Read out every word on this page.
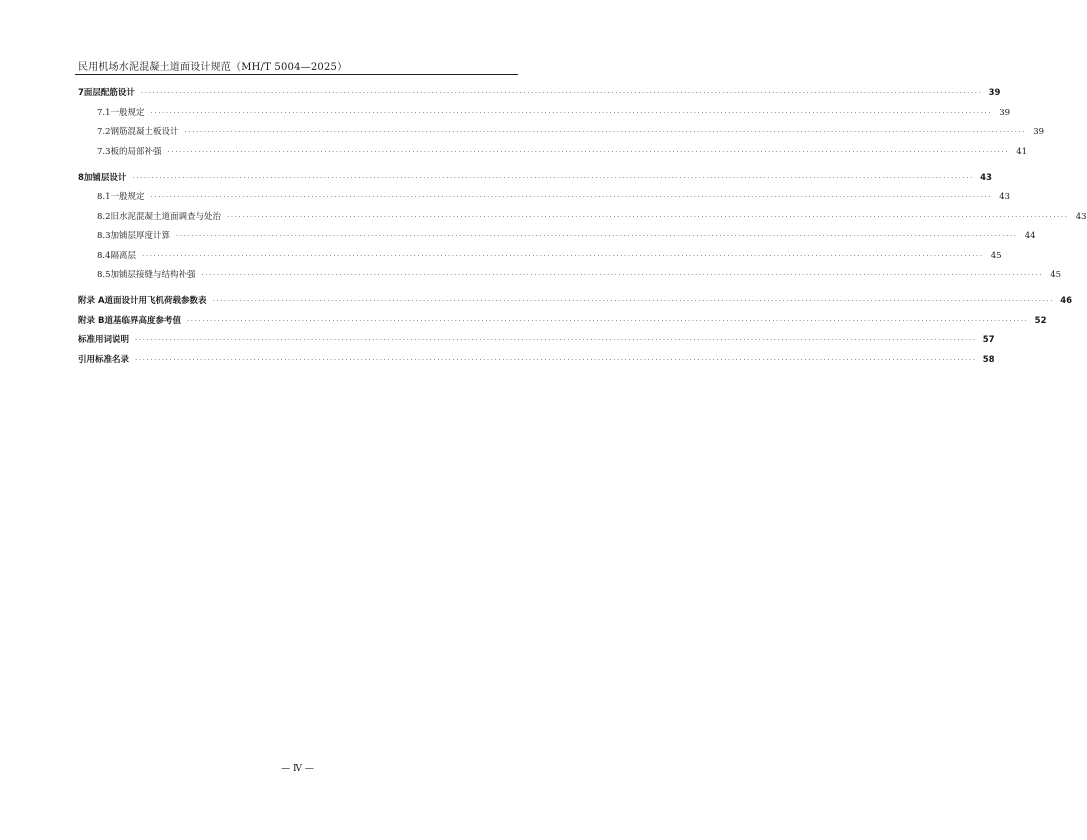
民用机场水泥混凝土道面设计规范（MH/T 5004—2025）
7 面层配筋设计 ···························································································································································································································· 39
7.1 一般规定 ···························································································································································································································· 39
7.2 钢筋混凝土板设计 ···························································································································································································································· 39
7.3 板的局部补强 ···························································································································································································································· 41
8 加铺层设计 ···························································································································································································································· 43
8.1 一般规定 ···························································································································································································································· 43
8.2 旧水泥混凝土道面调查与处治 ···························································································································································································································· 43
8.3 加铺层厚度计算 ···························································································································································································································· 44
8.4 隔离层 ···························································································································································································································· 45
8.5 加铺层接缝与结构补强 ···························································································································································································································· 45
附录 A 道面设计用飞机荷载参数表 ···························································································································································································································· 46
附录 B 道基临界高度参考值 ···························································································································································································································· 52
标准用词说明 ···························································································································································································································· 57
引用标准名录 ···························································································································································································································· 58
— Ⅳ —
